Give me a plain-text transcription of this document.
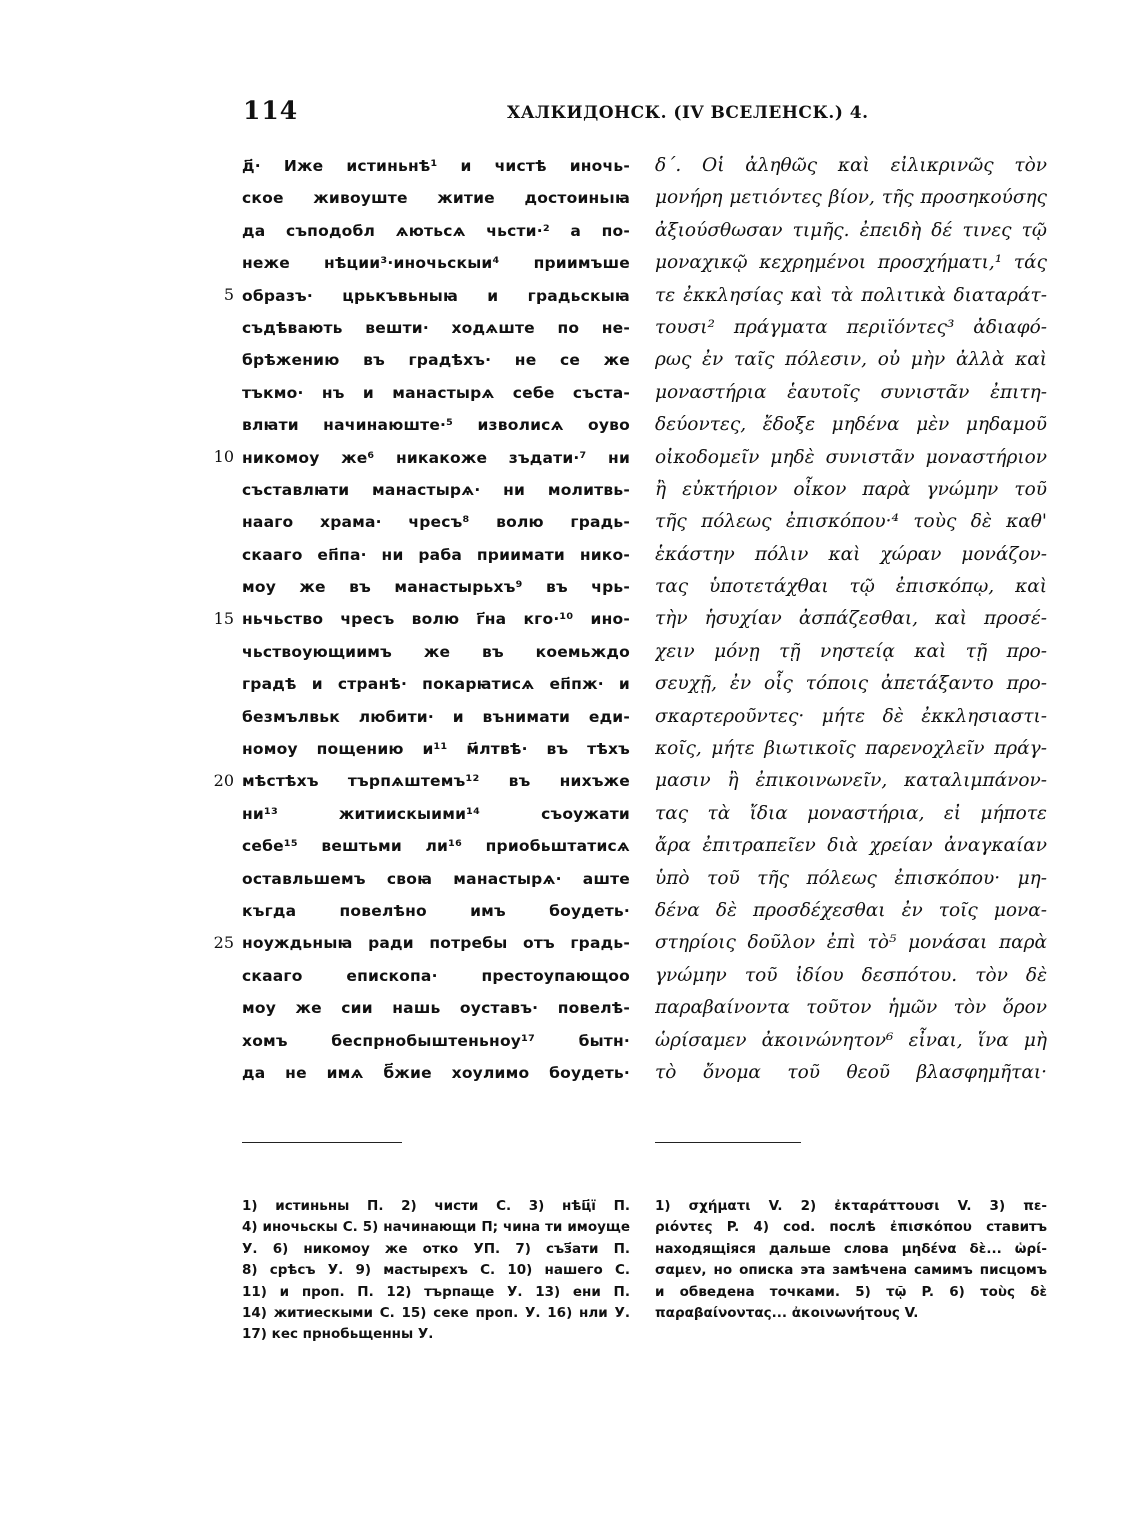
114	ХАЛКИДОНСК. (IV ВСЕЛЕНСК.) 4.
5
10
15
20
25
д҃· Иже истиньнѣ¹ и чистѣ иночь-
ское живоуште житие достоиньıꙗ
да съподобл ѧютьсѧ чьсти·² а по-
неже нѣции³·иночьскыи⁴ приимъше
образъ· црькъвьныꙗ и градьскыꙗ
съдѣвають вешти· ходѧште по не-
брѣжению въ градѣхъ· не се же
тъкмо· нъ и манастырѧ себе съста-
влꙗти начинаюште·⁵ изволисѧ оуво
никомоу же⁶ никакоже зъдати·⁷ ни
съставлꙗти манастырѧ· ни молитвь-
нааго храма· чресъ⁸ волю градь-
скааго еп҃па· ни раба приимати нико-
моу же въ манастырьхъ⁹ въ чрь-
ньчьство чресъ волю г҃на кго·¹⁰ ино-
чьствоующиимъ же въ коемьждо
градѣ и странѣ· покарꙗтисѧ еп҃пж· и
безмълвьк любити· и вънимати еди-
номоу пощению и¹¹ м҃лтвѣ· въ тѣхъ
мѣстѣхъ търпѧштемъ¹² въ нихъже
ни¹³ житиискыими¹⁴ съоужати
себе¹⁵ вештьми ли¹⁶ приобьштатисѧ
оставльшемъ своꙗ манастырѧ· аште
къгда повелѣно имъ боудеть·
ноуждьныꙗ ради потребы отъ градь-
скааго епископа· престоупающоо
моу же сии нашь оуставъ· повелѣ-
хомъ беспрнобыштеньноу¹⁷ бытн·
да не имѧ б҃жие хоулимо боудеть·
δ΄. Οἱ ἀληθῶς καὶ εἰλικρινῶς τὸν
μονήρη μετιόντες βίον, τῆς προσηκούσης
ἀξιούσθωσαν τιμῆς. ἐπειδὴ δέ τινες τῷ
μοναχικῷ κεχρημένοι προσχήματι,¹ τάς
τε ἐκκλησίας καὶ τὰ πολιτικὰ διαταράτ-
τουσι² πράγματα περιϊόντες³ ἀδιαφό-
ρως ἐν ταῖς πόλεσιν, οὐ μὴν ἀλλὰ καὶ
μοναστήρια ἑαυτοῖς συνιστᾶν ἐπιτη-
δεύοντες, ἔδοξε μηδένα μὲν μηδαμοῦ
οἰκοδομεῖν μηδὲ συνιστᾶν μοναστήριον
ἢ εὐκτήριον οἶκον παρὰ γνώμην τοῦ
τῆς πόλεως ἐπισκόπου·⁴ τοὺς δὲ καθ'
ἑκάστην πόλιν καὶ χώραν μονάζον-
τας ὑποτετάχθαι τῷ ἐπισκόπῳ, καὶ
τὴν ἡσυχίαν ἀσπάζεσθαι, καὶ προσέ-
χειν μόνῃ τῇ νηστείᾳ καὶ τῇ προ-
σευχῇ, ἐν οἷς τόποις ἀπετάξαντο προ-
σκαρτεροῦντες· μήτε δὲ ἐκκλησιαστι-
κοῖς, μήτε βιωτικοῖς παρενοχλεῖν πράγ-
μασιν ἢ ἐπικοινωνεῖν, καταλιμπάνον-
τας τὰ ἴδια μοναστήρια, εἰ μήποτε
ἄρα ἐπιτραπεῖεν διὰ χρείαν ἀναγκαίαν
ὑπὸ τοῦ τῆς πόλεως ἐπισκόπου· μη-
δένα δὲ προσδέχεσθαι ἐν τοῖς μονα-
στηρίοις δοῦλον ἐπὶ τὸ⁵ μονάσαι παρὰ
γνώμην τοῦ ἰδίου δεσπότου. τὸν δὲ
παραβαίνοντα τοῦτον ἡμῶν τὸν ὅρον
ὡρίσαμεν ἀκοινώνητον⁶ εἶναι, ἵνα μὴ
τὸ ὄνομα τοῦ θεοῦ βλασφημῆται·
1) истиньны П. 2) чисти С. 3) нѣц҃ї П.
4) иночьскы С. 5) начинающи П; чина ти имоуще
У. 6) никомоу же отко УП. 7) съз҃ати П.
8) срѣсъ У. 9) мастырєхъ С. 10) нашего С.
11) и проп. П. 12) търпаще У. 13) ени П.
14) житиескыми С. 15) секе проп. У. 16) нли У.
17) кес прнобьщенны У.
1) σχήματι V. 2) ἐκταράττουσι V. 3) πε-
ριόντες P. 4) cod. послѣ ἐπισκόπου ставитъ
находящіяся дальше слова μηδένα δὲ... ὡρί-
σαμεν, но описка эта замѣчена самимъ писцомъ
и обведена точками. 5) τῷ P. 6) τοὺς δὲ
παραβαίνοντας... ἀκοινωνήτους V.
